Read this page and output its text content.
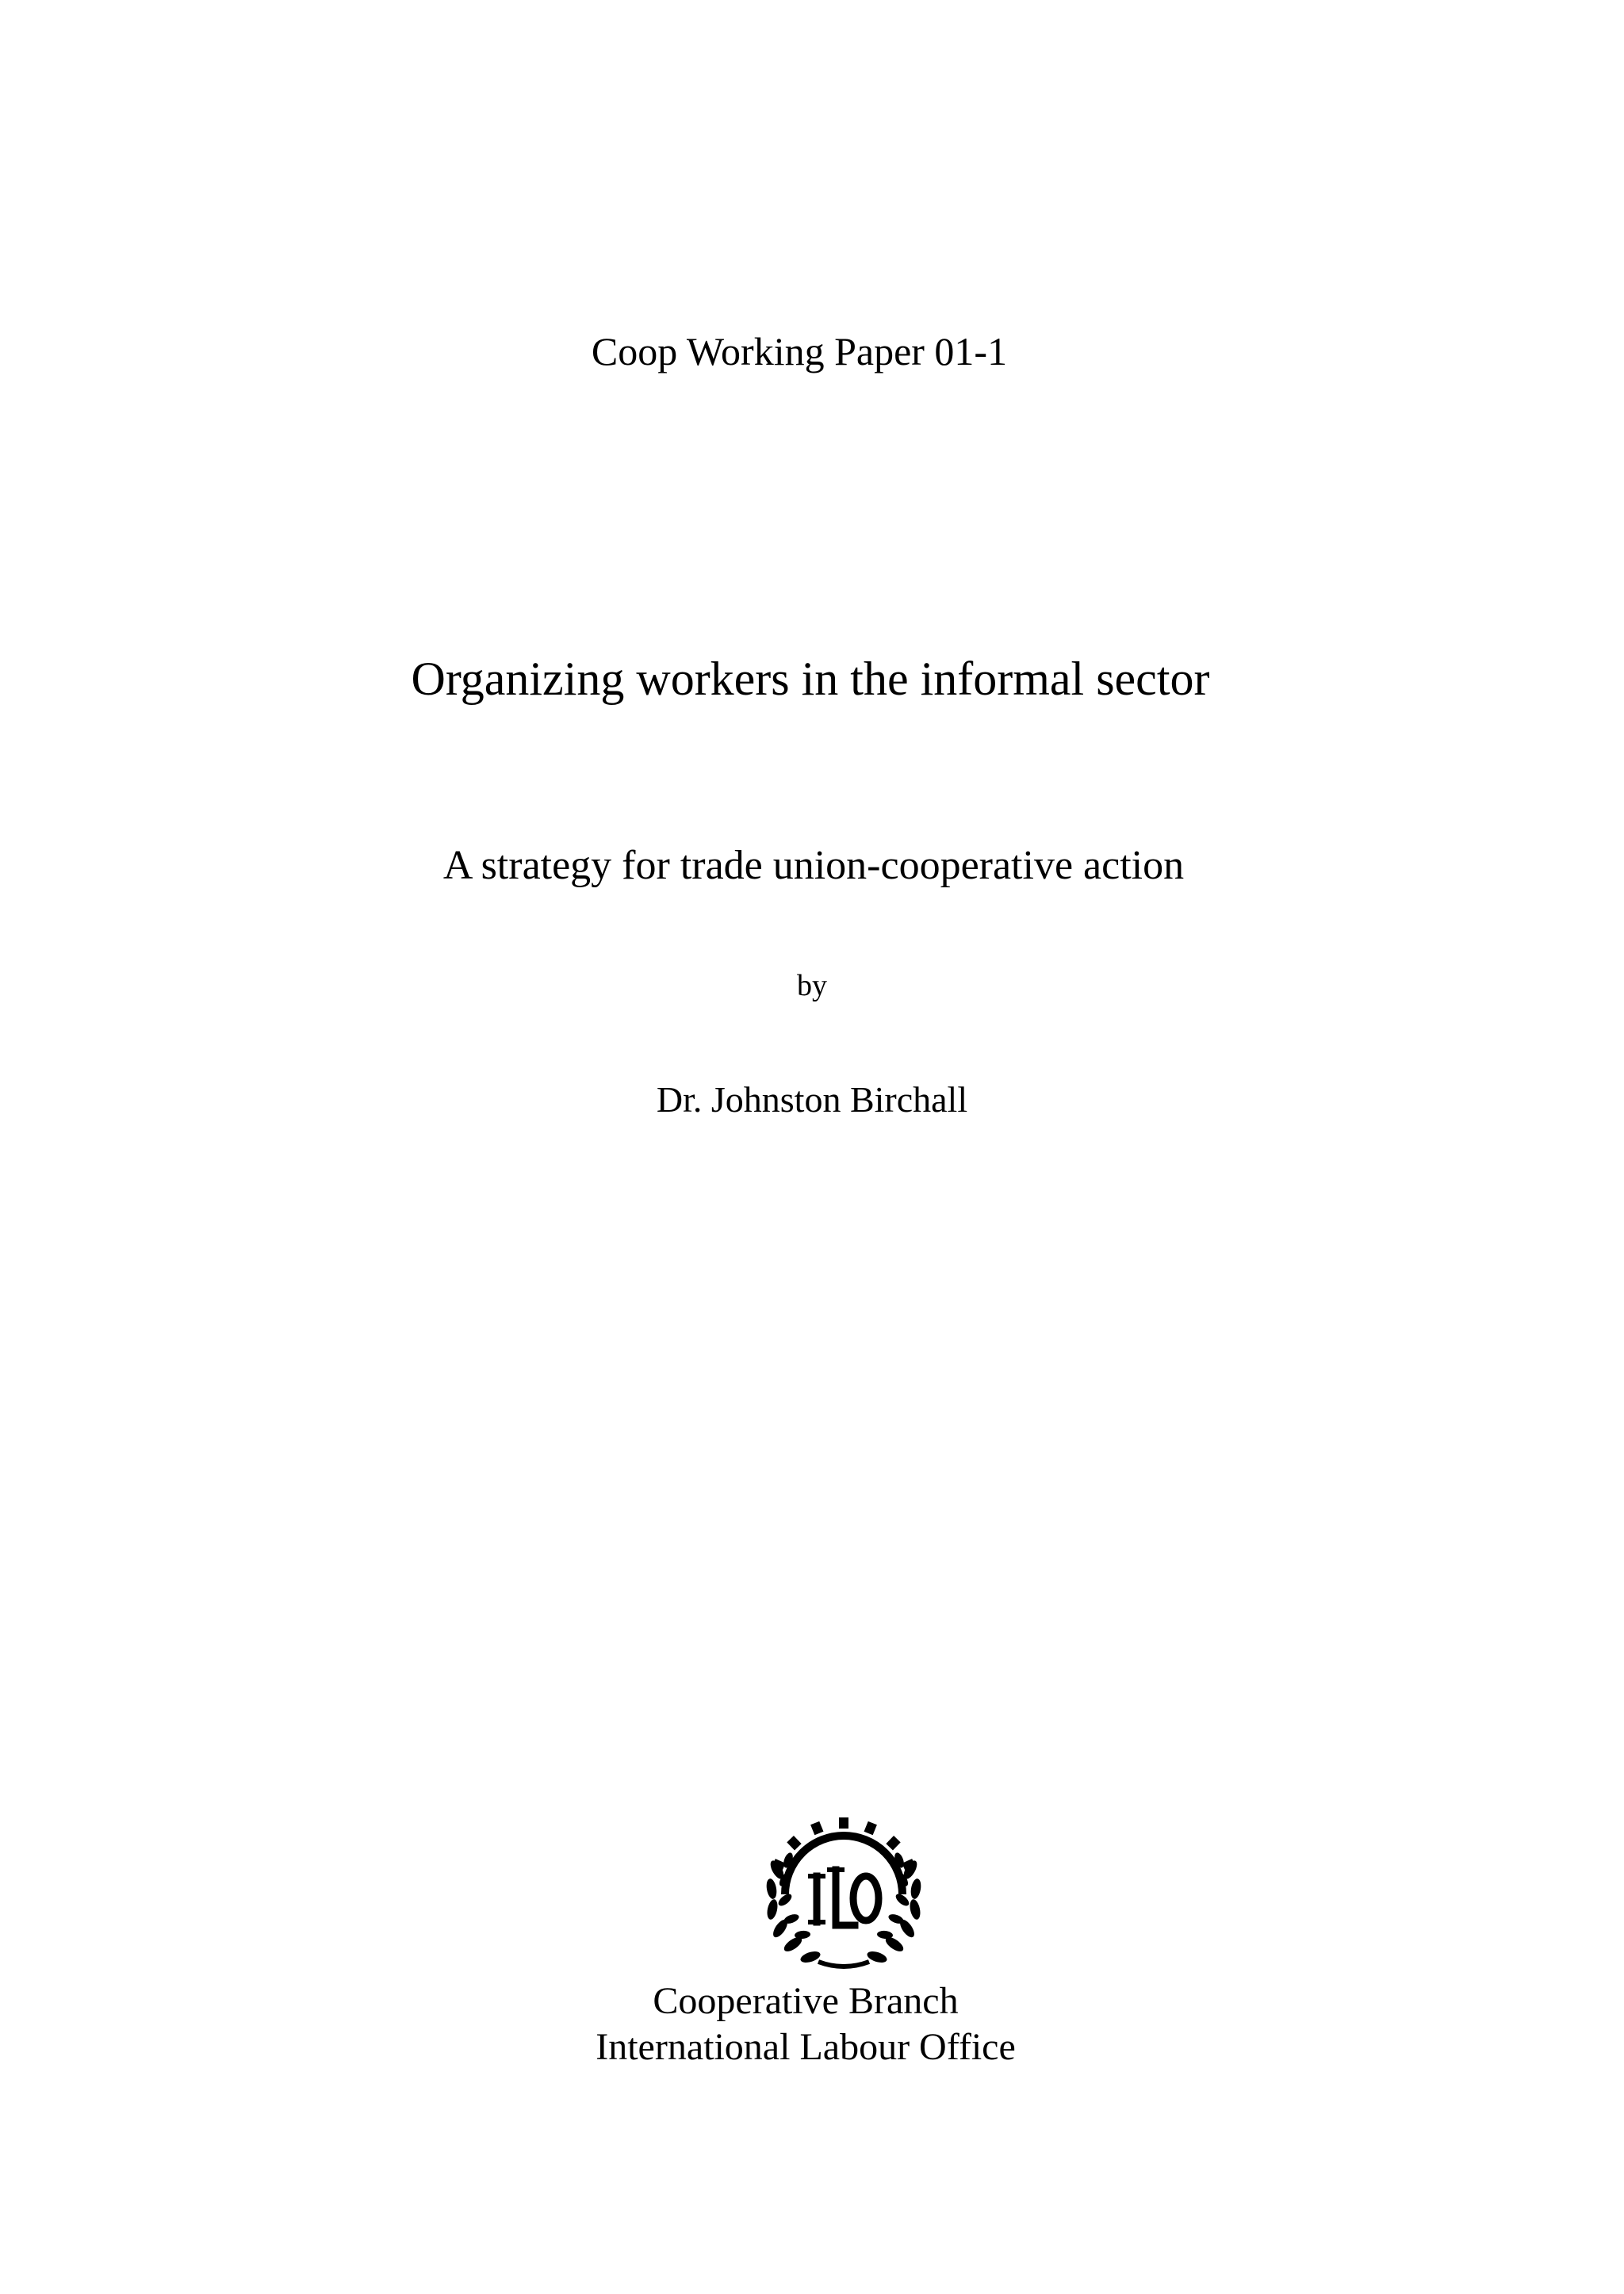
Coop Working Paper 01-1
Organizing workers in the informal sector
A strategy for trade union-cooperative action
by
Dr. Johnston Birchall
Cooperative Branch
International Labour Office
